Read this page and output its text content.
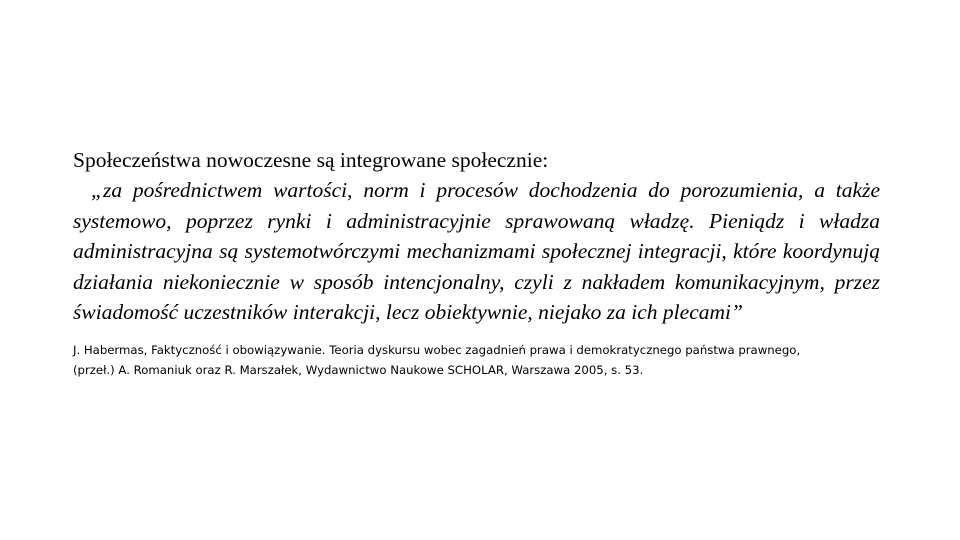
Społeczeństwa nowoczesne są integrowane społecznie:

„za pośrednictwem wartości, norm i procesów dochodzenia do porozumienia, a także systemowo, poprzez rynki i administracyjnie sprawowaną władzę. Pieniądz i władza administracyjna są systemotwórczymi mechanizmami społecznej integracji, które koordynują działania niekoniecznie w sposób intencjonalny, czyli z nakładem komunikacyjnym, przez świadomość uczestników interakcji, lecz obiektywnie, niejako za ich plecami”

J. Habermas, Faktyczność i obowiązywanie. Teoria dyskursu wobec zagadnień prawa i demokratycznego państwa prawnego,
(przeł.) A. Romaniuk oraz R. Marszałek, Wydawnictwo Naukowe SCHOLAR, Warszawa 2005, s. 53.
